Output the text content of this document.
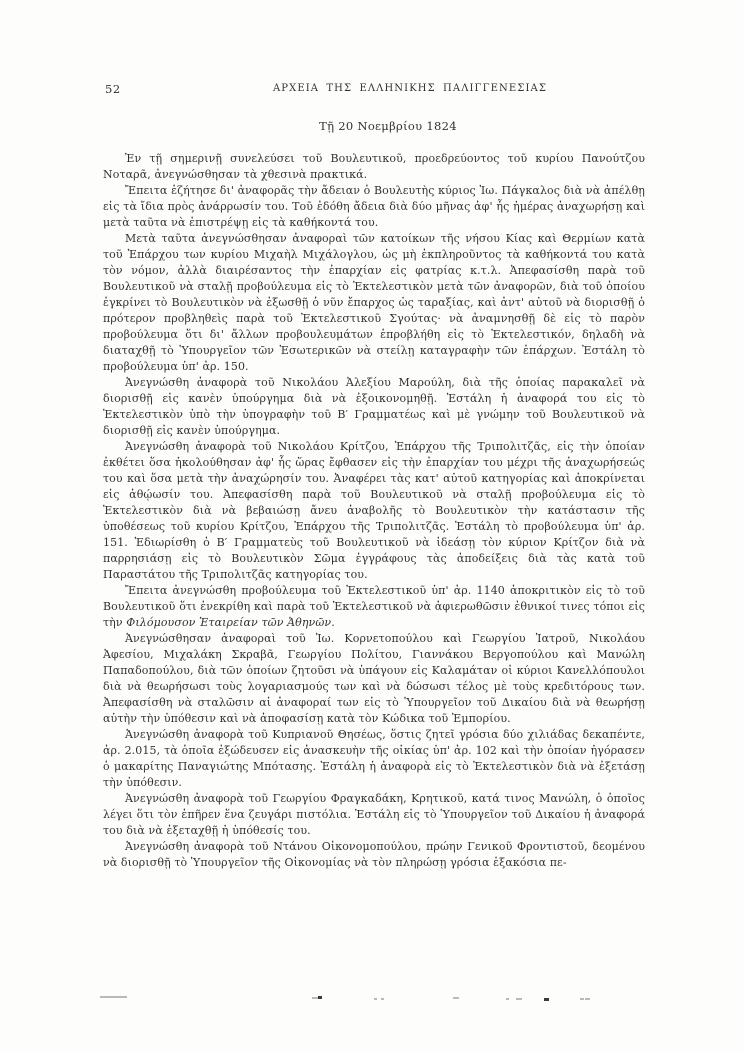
52	ΑΡΧΕΙΑ ΤΗΣ ΕΛΛΗΝΙΚΗΣ ΠΑΛΙΓΓΕΝΕΣΙΑΣ
Τῇ 20 Νοεμβρίου 1824

Ἐν τῇ σημερινῇ συνελεύσει τοῦ Βουλευτικοῦ, προεδρεύοντος τοῦ κυρίου Πανούτζου Νοταρᾶ, ἀνεγνώσθησαν τὰ χθεσινὰ πρακτικά.

Ἔπειτα ἐζήτησε δι' ἀναφορᾶς τὴν ἄδειαν ὁ Βουλευτὴς κύριος Ἰω. Πάγκαλος διὰ νὰ ἀπέλθῃ εἰς τὰ ἴδια πρὸς ἀνάρρωσίν του. Τοῦ ἐδόθη ἄδεια διὰ δύο μῆνας ἀφ' ἧς ἡμέρας ἀναχωρήσῃ καὶ μετὰ ταῦτα νὰ ἐπιστρέψῃ εἰς τὰ καθήκοντά του.

Μετὰ ταῦτα ἀνεγνώσθησαν ἀναφοραὶ τῶν κατοίκων τῆς νήσου Κίας καὶ Θερμίων κατὰ τοῦ Ἐπάρχου των κυρίου Μιχαὴλ Μιχάλογλου, ὡς μὴ ἐκπληροῦντος τὰ καθήκοντά του κατὰ τὸν νόμον, ἀλλὰ διαιρέσαντος τὴν ἐπαρχίαν εἰς φατρίας κ.τ.λ. Ἀπεφασίσθη παρὰ τοῦ Βουλευτικοῦ νὰ σταλῇ προβούλευμα εἰς τὸ Ἐκτελεστικὸν μετὰ τῶν ἀναφορῶν, διὰ τοῦ ὁποίου ἐγκρίνει τὸ Βουλευτικὸν νὰ ἐξωσθῇ ὁ νῦν ἔπαρχος ὡς ταραξίας, καὶ ἀντ' αὐτοῦ νὰ διορισθῇ ὁ πρότερον προβληθεὶς παρὰ τοῦ Ἐκτελεστικοῦ Σγούτας· νὰ ἀναμνησθῇ δὲ εἰς τὸ παρὸν προβούλευμα ὅτι δι' ἄλλων προβουλευμάτων ἐπροβλήθη εἰς τὸ Ἐκτελεστικόν, δηλαδὴ νὰ διαταχθῇ τὸ Ὑπουργεῖον τῶν Ἐσωτερικῶν νὰ στείλῃ καταγραφὴν τῶν ἐπάρχων. Ἐστάλη τὸ προβούλευμα ὑπ' ἀρ. 150.

Ἀνεγνώσθη ἀναφορὰ τοῦ Νικολάου Ἀλεξίου Μαρούλη, διὰ τῆς ὁποίας παρακαλεῖ νὰ διορισθῇ εἰς κανὲν ὑπούργημα διὰ νὰ ἐξοικονομηθῇ. Ἐστάλη ἡ ἀναφορά του εἰς τὸ Ἐκτελεστικὸν ὑπὸ τὴν ὑπογραφὴν τοῦ Β′ Γραμματέως καὶ μὲ γνώμην τοῦ Βουλευτικοῦ νὰ διορισθῇ εἰς κανὲν ὑπούργημα.

Ἀνεγνώσθη ἀναφορὰ τοῦ Νικολάου Κρίτζου, Ἐπάρχου τῆς Τριπολιτζᾶς, εἰς τὴν ὁποίαν ἐκθέτει ὅσα ἠκολούθησαν ἀφ' ἧς ὥρας ἔφθασεν εἰς τὴν ἐπαρχίαν του μέχρι τῆς ἀναχωρήσεώς του καὶ ὅσα μετὰ τὴν ἀναχώρησίν του. Ἀναφέρει τὰς κατ' αὐτοῦ κατηγορίας καὶ ἀποκρίνεται εἰς ἀθῴωσίν του. Ἀπεφασίσθη παρὰ τοῦ Βουλευτικοῦ νὰ σταλῇ προβούλευμα εἰς τὸ Ἐκτελεστικὸν διὰ νὰ βεβαιώσῃ ἄνευ ἀναβολῆς τὸ Βουλευτικὸν τὴν κατάστασιν τῆς ὑποθέσεως τοῦ κυρίου Κρίτζου, Ἐπάρχου τῆς Τριπολιτζᾶς. Ἐστάλη τὸ προβούλευμα ὑπ' ἀρ. 151. Ἐδιωρίσθη ὁ Β′ Γραμματεὺς τοῦ Βουλευτικοῦ νὰ ἰδεάσῃ τὸν κύριον Κρίτζον διὰ νὰ παρρησιάσῃ εἰς τὸ Βουλευτικὸν Σῶμα ἐγγράφους τὰς ἀποδείξεις διὰ τὰς κατὰ τοῦ Παραστάτου τῆς Τριπολιτζᾶς κατηγορίας του.

Ἔπειτα ἀνεγνώσθη προβούλευμα τοῦ Ἐκτελεστικοῦ ὑπ' ἀρ. 1140 ἀποκριτικὸν εἰς τὸ τοῦ Βουλευτικοῦ ὅτι ἐνεκρίθη καὶ παρὰ τοῦ Ἐκτελεστικοῦ νὰ ἀφιερωθῶσιν ἐθνικοί τινες τόποι εἰς τὴν Φιλόμουσον Ἑταιρείαν τῶν Ἀθηνῶν.

Ἀνεγνώσθησαν ἀναφοραὶ τοῦ Ἰω. Κορνετοπούλου καὶ Γεωργίου Ἰατροῦ, Νικολάου Ἀφεσίου, Μιχαλάκη Σκραβᾶ, Γεωργίου Πολίτου, Γιαννάκου Βεργοπούλου καὶ Μανώλη Παπαδοπούλου, διὰ τῶν ὁποίων ζητοῦσι νὰ ὑπάγουν εἰς Καλαμάταν οἱ κύριοι Κανελλόπουλοι διὰ νὰ θεωρήσωσι τοὺς λογαριασμούς των καὶ νὰ δώσωσι τέλος μὲ τοὺς κρεδιτόρους των. Ἀπεφασίσθη νὰ σταλῶσιν αἱ ἀναφοραί των εἰς τὸ Ὑπουργεῖον τοῦ Δικαίου διὰ νὰ θεωρήσῃ αὐτὴν τὴν ὑπόθεσιν καὶ νὰ ἀποφασίσῃ κατὰ τὸν Κώδικα τοῦ Ἐμπορίου.

Ἀνεγνώσθη ἀναφορὰ τοῦ Κυπριανοῦ Θησέως, ὅστις ζητεῖ γρόσια δύο χιλιάδας δεκαπέντε, ἀρ. 2.015, τὰ ὁποῖα ἐξώδευσεν εἰς ἀνασκευὴν τῆς οἰκίας ὑπ' ἀρ. 102 καὶ τὴν ὁποίαν ἠγόρασεν ὁ μακαρίτης Παναγιώτης Μπότασης. Ἐστάλη ἡ ἀναφορὰ εἰς τὸ Ἐκτελεστικὸν διὰ νὰ ἐξετάσῃ τὴν ὑπόθεσιν.

Ἀνεγνώσθη ἀναφορὰ τοῦ Γεωργίου Φραγκαδάκη, Κρητικοῦ, κατά τινος Μανώλη, ὁ ὁποῖος λέγει ὅτι τὸν ἐπῆρεν ἕνα ζευγάρι πιστόλια. Ἐστάλη εἰς τὸ Ὑπουργεῖον τοῦ Δικαίου ἡ ἀναφορά του διὰ νὰ ἐξεταχθῇ ἡ ὑπόθεσίς του.

Ἀνεγνώσθη ἀναφορὰ τοῦ Ντάνου Οἰκονομοπούλου, πρώην Γενικοῦ Φροντιστοῦ, δεομένου νὰ διορισθῇ τὸ Ὑπουργεῖον τῆς Οἰκονομίας νὰ τὸν πληρώσῃ γρόσια ἑξακόσια πε-
